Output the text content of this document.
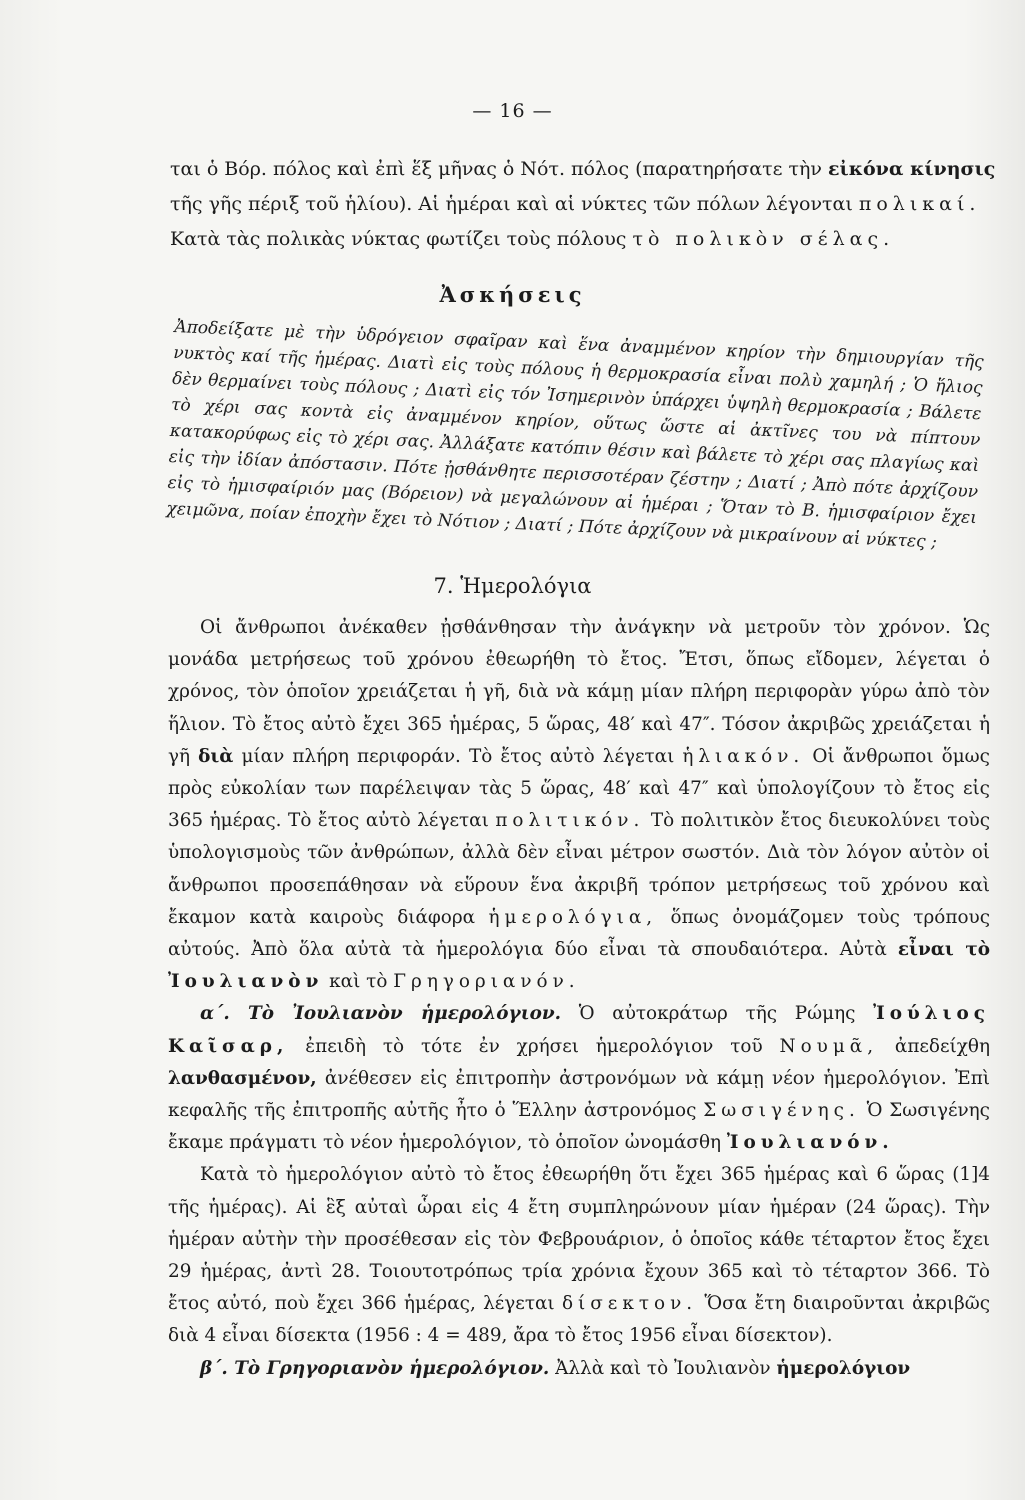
— 16 —
ται ὁ Βόρ. πόλος καὶ ἐπὶ ἕξ μῆνας ὁ Νότ. πόλος (παρατηρήσατε τὴν εἰκόνα κίνησις τῆς γῆς πέριξ τοῦ ἡλίου). Αἱ ἡμέραι καὶ αἱ νύκτες τῶν πόλων λέγονται πολικαί. Κατὰ τὰς πολικὰς νύκτας φωτίζει τοὺς πόλους τὸ πολικὸν σέλας.
Ἀσκήσεις
Ἀποδείξατε μὲ τὴν ὑδρόγειον σφαῖραν καὶ ἕνα ἀναμμένον κηρίον τὴν δημιουργίαν τῆς νυκτὸς καί τῆς ἡμέρας. Διατὶ εἰς τοὺς πόλους ἡ θερμοκρασία εἶναι πολὺ χαμηλή ; Ὁ ἥλιος δὲν θερμαίνει τοὺς πόλους ; Διατὶ εἰς τόν Ἰσημερινὸν ὑπάρχει ὑψηλὴ θερμοκρασία ; Βάλετε τὸ χέρι σας κοντὰ εἰς ἀναμμένον κηρίον, οὕτως ὥστε αἱ ἀκτῖνες του νὰ πίπτουν κατακορύφως εἰς τὸ χέρι σας. Ἀλλάξατε κατόπιν θέσιν καὶ βάλετε τὸ χέρι σας πλαγίως καὶ εἰς τὴν ἰδίαν ἀπόστασιν. Πότε ᾐσθάνθητε περισσοτέραν ζέστην ; Διατί ; Ἀπὸ πότε ἀρχίζουν εἰς τὸ ἡμισφαίριόν μας (Βόρειον) νὰ μεγαλώνουν αἱ ἡμέραι ; Ὅταν τὸ Β. ἡμισφαίριον ἔχει χειμῶνα, ποίαν ἐποχὴν ἔχει τὸ Νότιον ; Διατί ; Πότε ἀρχίζουν νὰ μικραίνουν αἱ νύκτες ;
7. Ἡμερολόγια

Οἱ ἄνθρωποι ἀνέκαθεν ᾐσθάνθησαν τὴν ἀνάγκην νὰ μετροῦν τὸν χρόνον. Ὡς μονάδα μετρήσεως τοῦ χρόνου ἐθεωρήθη τὸ ἔτος. Ἔτσι, ὅπως εἴδομεν, λέγεται ὁ χρόνος, τὸν ὁποῖον χρειάζεται ἡ γῆ, διὰ νὰ κάμῃ μίαν πλήρη περιφορὰν γύρω ἀπὸ τὸν ἥλιον. Τὸ ἔτος αὐτὸ ἔχει 365 ἡμέρας, 5 ὥρας, 48′ καὶ 47″. Τόσον ἀκριβῶς χρειάζεται ἡ γῆ διὰ μίαν πλήρη περιφοράν. Τὸ ἔτος αὐτὸ λέγεται ἡλιακόν. Οἱ ἄνθρωποι ὅμως πρὸς εὐκολίαν των παρέλειψαν τὰς 5 ὥρας, 48′ καὶ 47″ καὶ ὑπολογίζουν τὸ ἔτος εἰς 365 ἡμέρας. Τὸ ἔτος αὐτὸ λέγεται πολιτικόν. Τὸ πολιτικὸν ἔτος διευκολύνει τοὺς ὑπολογισμοὺς τῶν ἀνθρώπων, ἀλλὰ δὲν εἶναι μέτρον σωστόν. Διὰ τὸν λόγον αὐτὸν οἱ ἄνθρωποι προσεπάθησαν νὰ εὕρουν ἕνα ἀκριβῆ τρόπον μετρήσεως τοῦ χρόνου καὶ ἔκαμον κατὰ καιροὺς διάφορα ἡμερολόγια, ὅπως ὀνομάζομεν τοὺς τρόπους αὐτούς. Ἀπὸ ὅλα αὐτὰ τὰ ἡμερολόγια δύο εἶναι τὰ σπουδαιότερα. Αὐτὰ εἶναι τὸ Ἰουλιανὸν καὶ τὸ Γρηγοριανόν.

α΄. Τὸ Ἰουλιανὸν ἡμερολόγιον. Ὁ αὐτοκράτωρ τῆς Ρώμης Ἰούλιος Καῖσαρ, ἐπειδὴ τὸ τότε ἐν χρήσει ἡμερολόγιον τοῦ Νουμᾶ, ἀπεδείχθη λανθασμένον, ἀνέθεσεν εἰς ἐπιτροπὴν ἀστρονόμων νὰ κάμῃ νέον ἡμερολόγιον. Ἐπὶ κεφαλῆς τῆς ἐπιτροπῆς αὐτῆς ἦτο ὁ Ἕλλην ἀστρονόμος Σωσιγένης. Ὁ Σωσιγένης ἔκαμε πράγματι τὸ νέον ἡμερολόγιον, τὸ ὁποῖον ὠνομάσθη Ἰουλιανόν.

Κατὰ τὸ ἡμερολόγιον αὐτὸ τὸ ἔτος ἐθεωρήθη ὅτι ἔχει 365 ἡμέρας καὶ 6 ὥρας (1]4 τῆς ἡμέρας). Αἱ ἓξ αὐταὶ ὧραι εἰς 4 ἔτη συμπληρώνουν μίαν ἡμέραν (24 ὥρας). Τὴν ἡμέραν αὐτὴν τὴν προσέθεσαν εἰς τὸν Φεβρουάριον, ὁ ὁποῖος κάθε τέταρτον ἔτος ἔχει 29 ἡμέρας, ἀντὶ 28. Τοιουτοτρόπως τρία χρόνια ἔχουν 365 καὶ τὸ τέταρτον 366. Τὸ ἔτος αὐτό, ποὺ ἔχει 366 ἡμέρας, λέγεται δίσεκτον. Ὅσα ἔτη διαιροῦνται ἀκριβῶς διὰ 4 εἶναι δίσεκτα (1956 : 4 = 489, ἄρα τὸ ἔτος 1956 εἶναι δίσεκτον).

β΄. Τὸ Γρηγοριανὸν ἡμερολόγιον. Ἀλλὰ καὶ τὸ Ἰουλιανὸν ἡμερολόγιον
